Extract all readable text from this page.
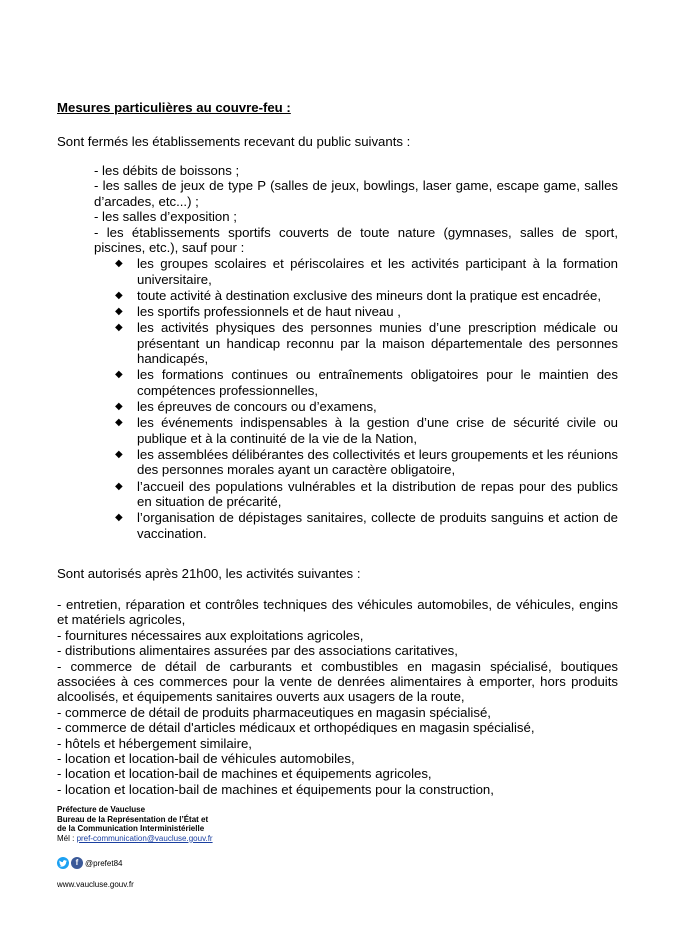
Mesures particulières au couvre-feu :
Sont fermés les établissements recevant du public suivants :
- les débits de boissons ;
- les salles de jeux de type P (salles de jeux, bowlings, laser game, escape game, salles d’arcades, etc...) ;
- les salles d’exposition ;
- les établissements sportifs couverts de toute nature (gymnases, salles de sport, piscines, etc.), sauf pour :
◆ les groupes scolaires et périscolaires et les activités participant à la formation universitaire,
◆ toute activité à destination exclusive des mineurs dont la pratique est encadrée,
◆ les sportifs professionnels et de haut niveau ,
◆ les activités physiques des personnes munies d’une prescription médicale ou présentant un handicap reconnu par la maison départementale des personnes handicapés,
◆ les formations continues ou entraînements obligatoires pour le maintien des compétences professionnelles,
◆ les épreuves de concours ou d’examens,
◆ les événements indispensables à la gestion d’une crise de sécurité civile ou publique et à la continuité de la vie de la Nation,
◆ les assemblées délibérantes des collectivités et leurs groupements et les réunions des personnes morales ayant un caractère obligatoire,
◆ l’accueil des populations vulnérables et la distribution de repas pour des publics en situation de précarité,
◆ l’organisation de dépistages sanitaires, collecte de produits sanguins et action de vaccination.
Sont autorisés après 21h00, les activités suivantes :
- entretien, réparation et contrôles techniques des véhicules automobiles, de véhicules, engins et matériels agricoles,
- fournitures nécessaires aux exploitations agricoles,
- distributions alimentaires assurées par des associations caritatives,
- commerce de détail de carburants et combustibles en magasin spécialisé, boutiques associées à ces commerces pour la vente de denrées alimentaires à emporter, hors produits alcoolisés, et équipements sanitaires ouverts aux usagers de la route,
- commerce de détail de produits pharmaceutiques en magasin spécialisé,
- commerce de détail d'articles médicaux et orthopédiques en magasin spécialisé,
- hôtels et hébergement similaire,
- location et location-bail de véhicules automobiles,
- location et location-bail de machines et équipements agricoles,
- location et location-bail de machines et équipements pour la construction,
Préfecture de Vaucluse
Bureau de la Représentation de l’État et
de la Communication Interministérielle
Mél : pref-communication@vaucluse.gouv.fr
f @prefet84
www.vaucluse.gouv.fr
